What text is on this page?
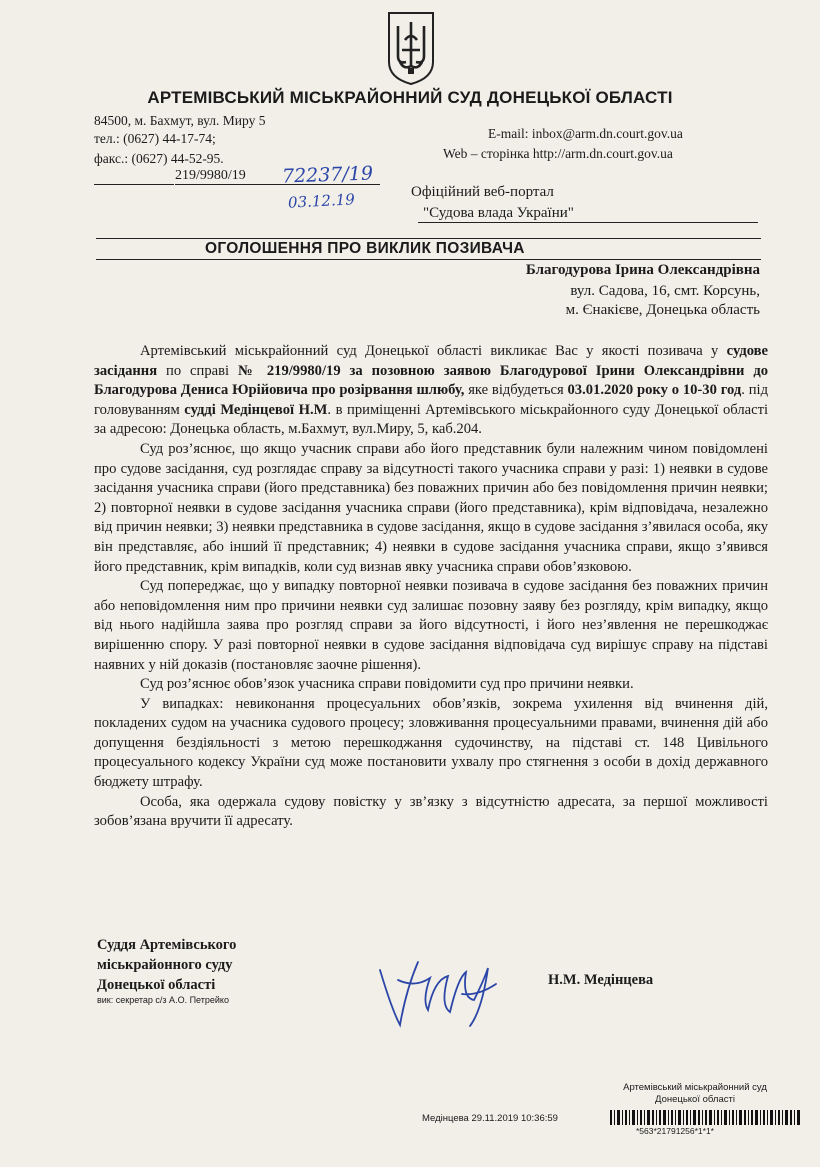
АРТЕМІВСЬКИЙ МІСЬКРАЙОННИЙ СУД ДОНЕЦЬКОЇ ОБЛАСТІ
84500, м. Бахмут, вул. Миру 5
тел.: (0627) 44-17-74;
факс.: (0627) 44-52-95.
E-mail: inbox@arm.dn.court.gov.ua
Web – сторінка http://arm.dn.court.gov.ua
219/9980/19 72237/19
03.12.19	Офіційний веб-портал
"Судова влада України"
ОГОЛОШЕННЯ ПРО ВИКЛИК ПОЗИВАЧА
Благодурова Ірина Олександрівна
вул. Садова, 16, смт. Корсунь,
м. Єнакієве, Донецька область

Артемівський міськрайонний суд Донецької області викликає Вас у якості позивача у судове засідання по справі № 219/9980/19 за позовною заявою Благодурової Ірини Олександрівни до Благодурова Дениса Юрійовича про розірвання шлюбу, яке відбудеться 03.01.2020 року о 10-30 год. під головуванням судді Медінцевої Н.М. в приміщенні Артемівського міськрайонного суду Донецької області за адресою: Донецька область, м.Бахмут, вул.Миру, 5, каб.204.

Суд роз’яснює, що якщо учасник справи або його представник були належним чином повідомлені про судове засідання, суд розглядає справу за відсутності такого учасника справи у разі: 1) неявки в судове засідання учасника справи (його представника) без поважних причин або без повідомлення причин неявки; 2) повторної неявки в судове засідання учасника справи (його представника), крім відповідача, незалежно від причин неявки; 3) неявки представника в судове засідання, якщо в судове засідання з’явилася особа, яку він представляє, або інший її представник; 4) неявки в судове засідання учасника справи, якщо з’явився його представник, крім випадків, коли суд визнав явку учасника справи обов’язковою.

Суд попереджає, що у випадку повторної неявки позивача в судове засідання без поважних причин або неповідомлення ним про причини неявки суд залишає позовну заяву без розгляду, крім випадку, якщо від нього надійшла заява про розгляд справи за його відсутності, і його нез’явлення не перешкоджає вирішенню спору. У разі повторної неявки в судове засідання відповідача суд вирішує справу на підставі наявних у ній доказів (постановляє заочне рішення).

Суд роз’яснює обов’язок учасника справи повідомити суд про причини неявки.

У випадках: невиконання процесуальних обов’язків, зокрема ухилення від вчинення дій, покладених судом на учасника судового процесу; зловживання процесуальними правами, вчинення дій або допущення бездіяльності з метою перешкоджання судочинству, на підставі ст. 148 Цивільного процесуального кодексу України суд може постановити ухвалу про стягнення з особи в дохід державного бюджету штрафу.

Особа, яка одержала судову повістку у зв’язку з відсутністю адресата, за першої можливості зобов’язана вручити її адресату.

Суддя Артемівського
міськрайонного суду
Донецької області
вик: секретар с/з А.О. Петрейко
Н.М. Медінцева
Артемівський міськрайонний суд
Донецької області
Медінцева 29.11.2019 10:36:59
*563*21791256*1*1*
